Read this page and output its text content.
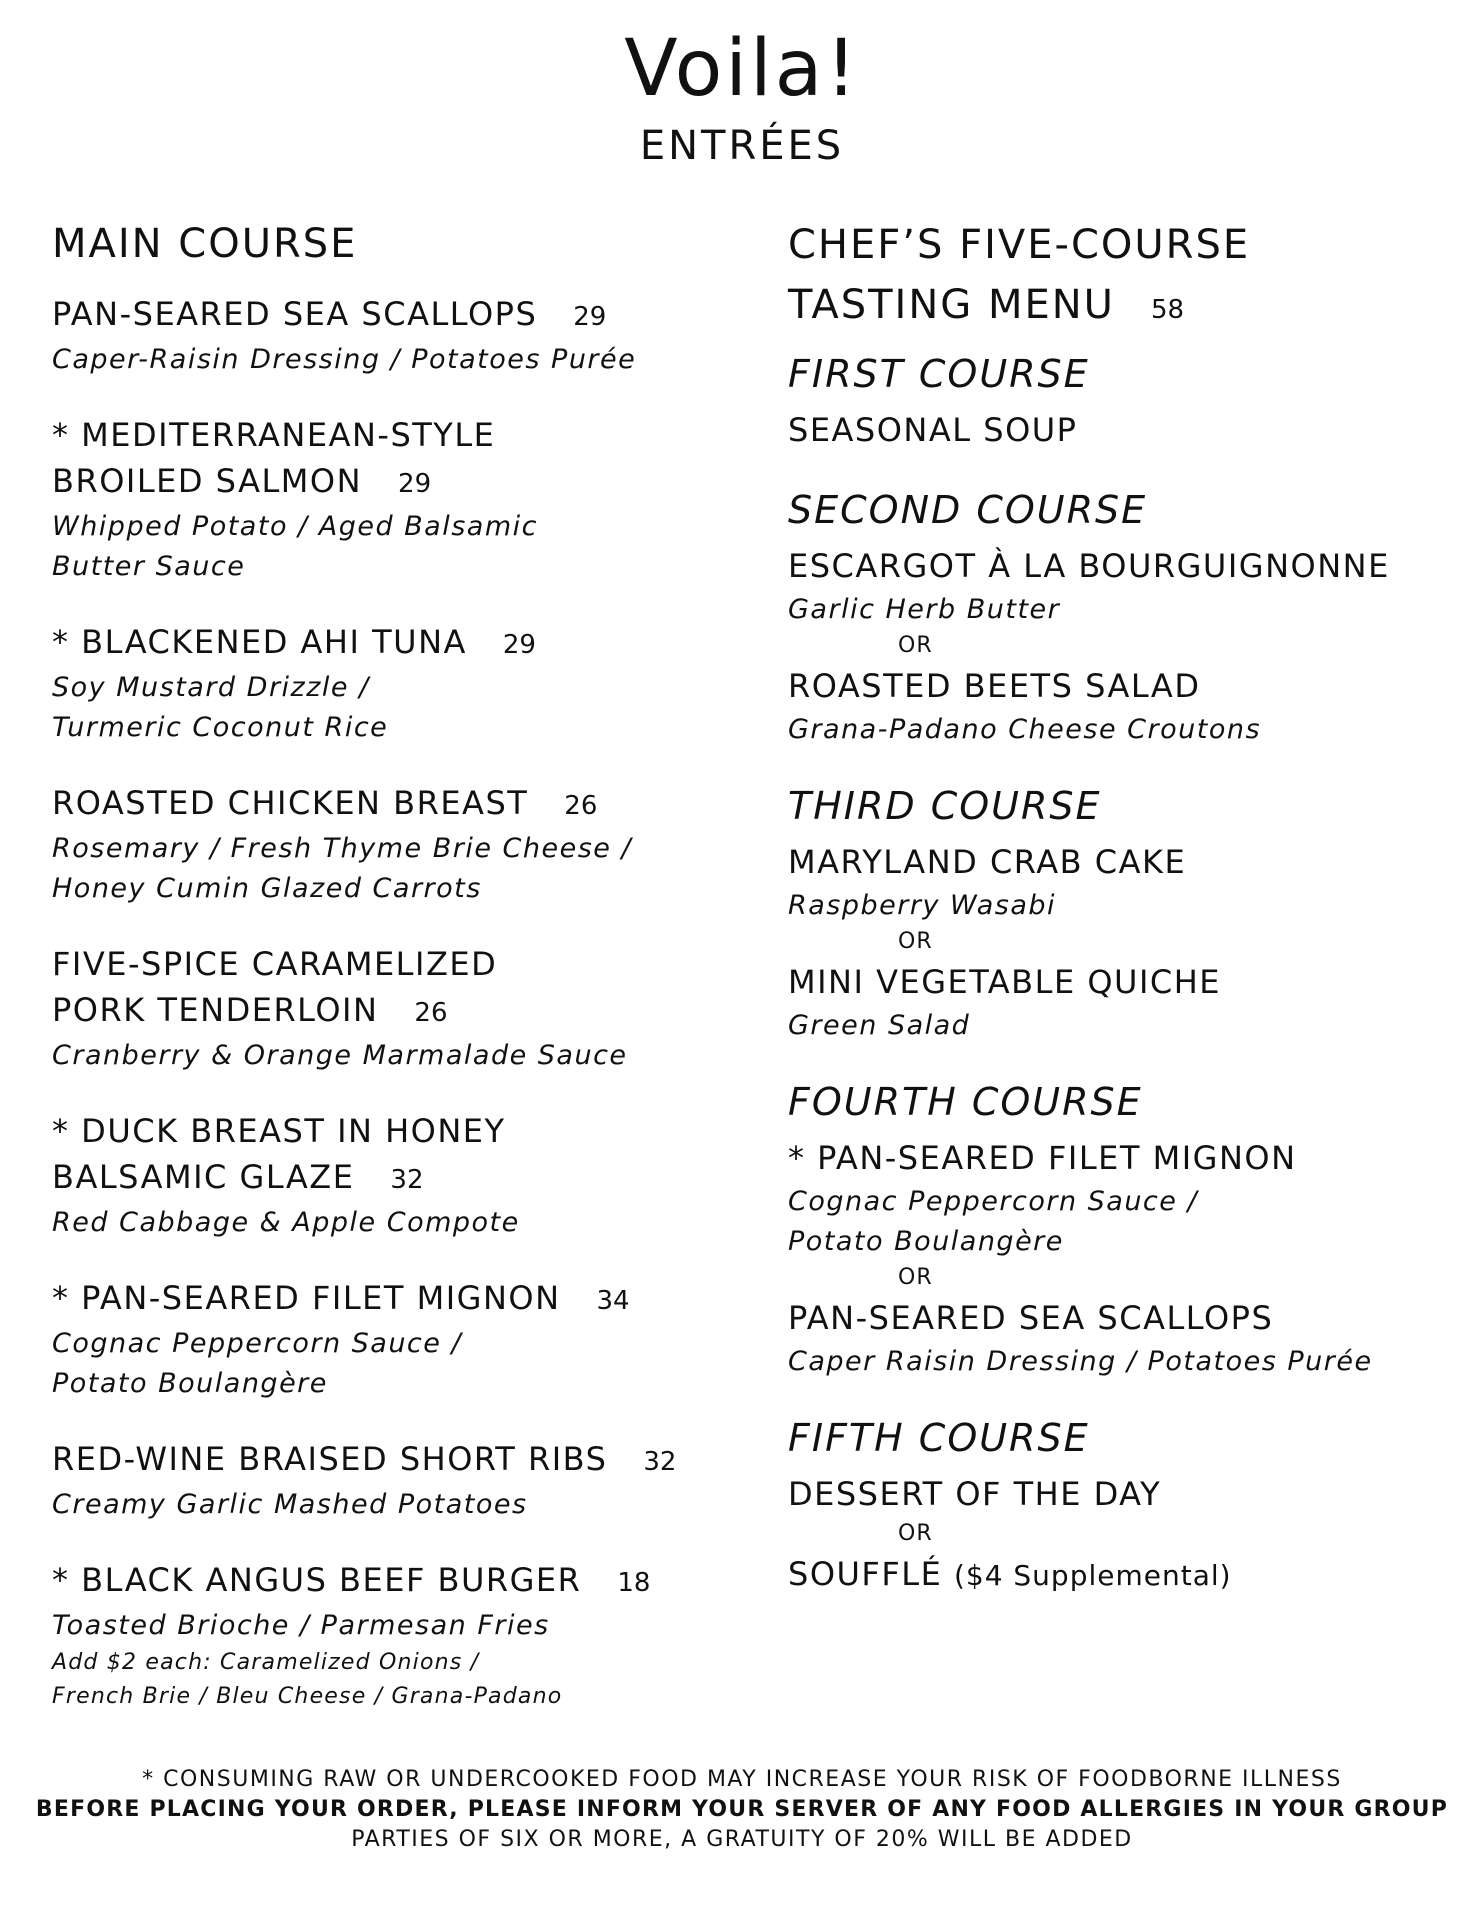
Voila!
ENTRÉES
MAIN COURSE
PAN-SEARED SEA SCALLOPS 29
Caper-Raisin Dressing / Potatoes Purée
* MEDITERRANEAN-STYLE
BROILED SALMON 29
Whipped Potato / Aged Balsamic
Butter Sauce
* BLACKENED AHI TUNA 29
Soy Mustard Drizzle /
Turmeric Coconut Rice
ROASTED CHICKEN BREAST 26
Rosemary / Fresh Thyme Brie Cheese /
Honey Cumin Glazed Carrots
FIVE-SPICE CARAMELIZED
PORK TENDERLOIN 26
Cranberry & Orange Marmalade Sauce
* DUCK BREAST IN HONEY
BALSAMIC GLAZE 32
Red Cabbage & Apple Compote
* PAN-SEARED FILET MIGNON 34
Cognac Peppercorn Sauce /
Potato Boulangère
RED-WINE BRAISED SHORT RIBS 32
Creamy Garlic Mashed Potatoes
* BLACK ANGUS BEEF BURGER 18
Toasted Brioche / Parmesan Fries
Add $2 each: Caramelized Onions /
French Brie / Bleu Cheese / Grana-Padano
CHEF’S FIVE-COURSE
TASTING MENU 58
FIRST COURSE
SEASONAL SOUP
SECOND COURSE
ESCARGOT À LA BOURGUIGNONNE
Garlic Herb Butter
OR
ROASTED BEETS SALAD
Grana-Padano Cheese Croutons
THIRD COURSE
MARYLAND CRAB CAKE
Raspberry Wasabi
OR
MINI VEGETABLE QUICHE
Green Salad
FOURTH COURSE
* PAN-SEARED FILET MIGNON
Cognac Peppercorn Sauce /
Potato Boulangère
OR
PAN-SEARED SEA SCALLOPS
Caper Raisin Dressing / Potatoes Purée
FIFTH COURSE
DESSERT OF THE DAY
OR
SOUFFLÉ ($4 Supplemental)
* CONSUMING RAW OR UNDERCOOKED FOOD MAY INCREASE YOUR RISK OF FOODBORNE ILLNESS
BEFORE PLACING YOUR ORDER, PLEASE INFORM YOUR SERVER OF ANY FOOD ALLERGIES IN YOUR GROUP
PARTIES OF SIX OR MORE, A GRATUITY OF 20% WILL BE ADDED
